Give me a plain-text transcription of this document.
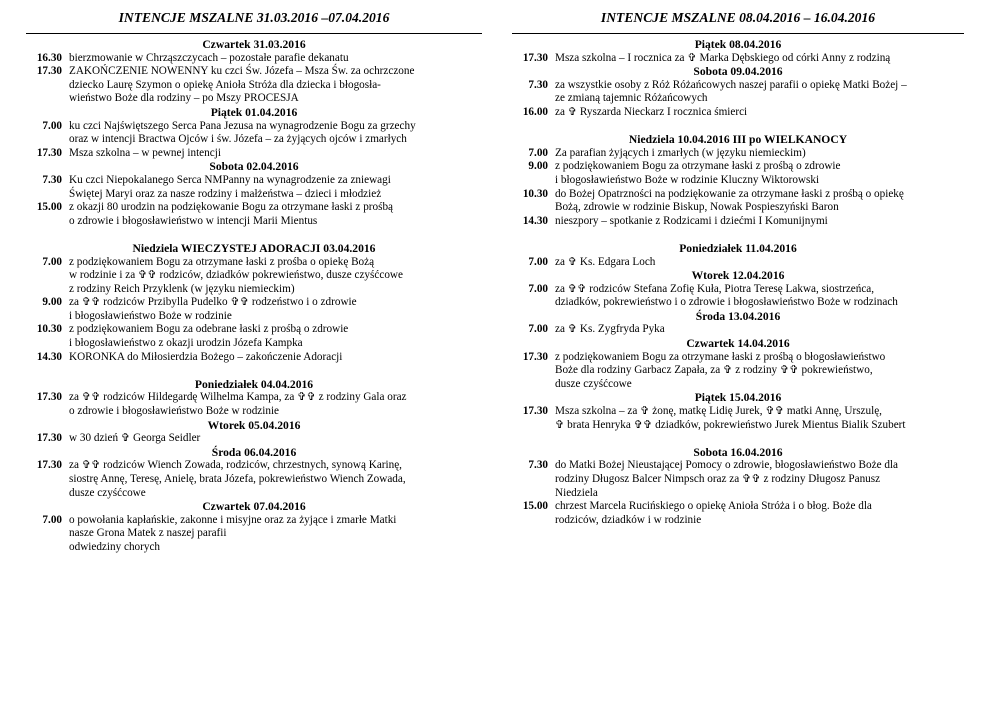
INTENCJE MSZALNE 31.03.2016 –07.04.2016
Czwartek 31.03.2016
16.30 bierzmowanie w Chrząszczycach – pozostałe parafie dekanatu
17.30 ZAKOŃCZENIE NOWENNY ku czci Św. Józefa – Msza Św. za ochrzczone
dziecko Laurę Szymon o opiekę Anioła Stróża dla dziecka i błogosła-
wieństwo Boże dla rodziny – po Mszy PROCESJA
Piątek 01.04.2016
7.00 ku czci Najświętszego Serca Pana Jezusa na wynagrodzenie Bogu za grzechy
oraz w intencji Bractwa Ojców i św. Józefa – za żyjących ojców i zmarłych
17.30 Msza szkolna – w pewnej intencji
Sobota 02.04.2016
7.30 Ku czci Niepokalanego Serca NMPanny na wynagrodzenie za zniewagi
Świętej Maryi oraz za nasze rodziny i małżeństwa – dzieci i młodzież
15.00 z okazji 80 urodzin na podziękowanie Bogu za otrzymane łaski z prośbą
o zdrowie i błogosławieństwo w intencji Marii Mientus
Niedziela WIECZYSTEJ ADORACJI 03.04.2016
7.00 z podziękowaniem Bogu za otrzymane łaski z prośba o opiekę Bożą
w rodzinie i za ✞✞ rodziców, dziadków pokrewieństwo, dusze czyśćcowe
z rodziny Reich Przyklenk (w języku niemieckim)
9.00 za ✞✞ rodziców Przibylla Pudelko ✞✞ rodzeństwo i o zdrowie
i błogosławieństwo Boże w rodzinie
10.30 z podziękowaniem Bogu za odebrane łaski z prośbą o zdrowie
i błogosławieństwo z okazji urodzin Józefa Kampka
14.30 KORONKA do Miłosierdzia Bożego – zakończenie Adoracji
Poniedziałek 04.04.2016
17.30 za ✞✞ rodziców Hildegardę Wilhelma Kampa, za ✞✞ z rodziny Gala oraz
o zdrowie i błogosławieństwo Boże w rodzinie
Wtorek 05.04.2016
17.30 w 30 dzień ✞ Georga Seidler
Środa 06.04.2016
17.30 za ✞✞ rodziców Wiench Zowada, rodziców, chrzestnych, synową Karinę,
siostrę Annę, Teresę, Anielę, brata Józefa, pokrewieństwo Wiench Zowada,
dusze czyśćcowe
Czwartek 07.04.2016
7.00 o powołania kapłańskie, zakonne i misyjne oraz za żyjące i zmarłe Matki
nasze Grona Matek z naszej parafii
odwiedziny chorych
INTENCJE MSZALNE 08.04.2016 – 16.04.2016
Piątek 08.04.2016
17.30 Msza szkolna – I rocznica za ✞ Marka Dębskiego od córki Anny z rodziną
Sobota 09.04.2016
7.30 za wszystkie osoby z Róż Różańcowych naszej parafii o opiekę Matki Bożej –
ze zmianą tajemnic Różańcowych
16.00 za ✞ Ryszarda Nieckarz I rocznica śmierci
Niedziela 10.04.2016 III po WIELKANOCY
7.00 Za parafian żyjących i zmarłych (w języku niemieckim)
9.00 z podziękowaniem Bogu za otrzymane łaski z prośbą o zdrowie
i błogosławieństwo Boże w rodzinie Kluczny Wiktorowski
10.30 do Bożej Opatrzności na podziękowanie za otrzymane łaski z prośbą o opiekę
Bożą, zdrowie w rodzinie Biskup, Nowak Pospieszyński Baron
14.30 nieszpory – spotkanie z Rodzicami i dziećmi I Komunijnymi
Poniedziałek 11.04.2016
7.00 za ✞ Ks. Edgara Loch
Wtorek 12.04.2016
7.00 za ✞✞ rodziców Stefana Zofię Kuła, Piotra Teresę Lakwa, siostrzeńca,
dziadków, pokrewieństwo i o zdrowie i błogosławieństwo Boże w rodzinach
Środa 13.04.2016
7.00 za ✞ Ks. Zygfryda Pyka
Czwartek 14.04.2016
17.30 z podziękowaniem Bogu za otrzymane łaski z prośbą o błogosławieństwo
Boże dla rodziny Garbacz Zapała, za ✞ z rodziny ✞✞ pokrewieństwo,
dusze czyśćcowe
Piątek 15.04.2016
17.30 Msza szkolna – za ✞ żonę, matkę Lidię Jurek, ✞✞ matki Annę, Urszulę,
✞ brata Henryka ✞✞ dziadków, pokrewieństwo Jurek Mientus Bialik Szubert
Sobota 16.04.2016
7.30 do Matki Bożej Nieustającej Pomocy o zdrowie, błogosławieństwo Boże dla
rodziny Długosz Balcer Nimpsch oraz za ✞✞ z rodziny Długosz Panusz
Niedziela
15.00 chrzest Marcela Rucińskiego o opiekę Anioła Stróża i o błog. Boże dla
rodziców, dziadków i w rodzinie
